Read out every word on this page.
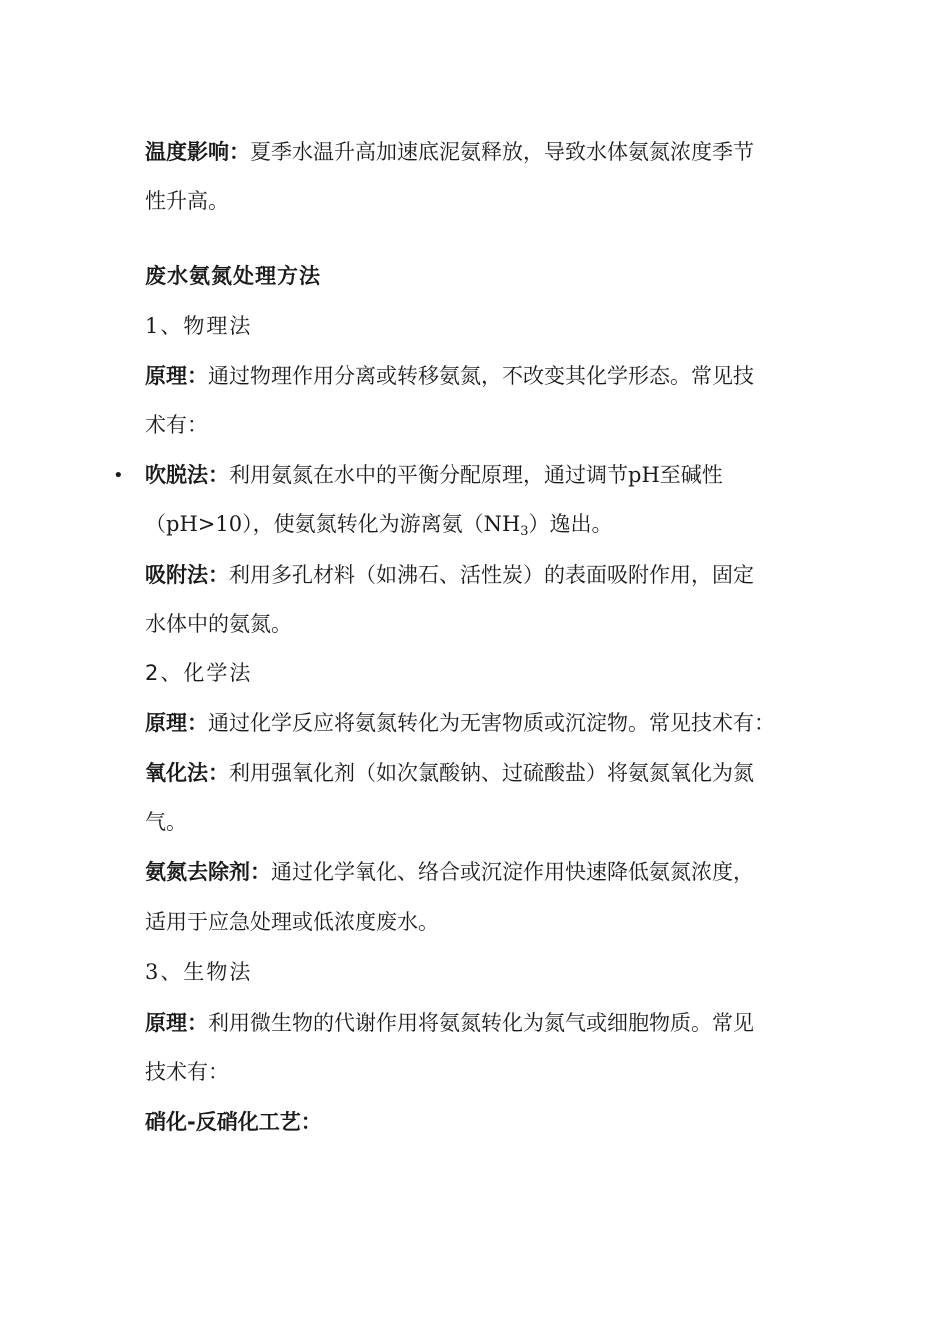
温度影响：夏季水温升高加速底泥氨释放，导致水体氨氮浓度季节
性升高。
废水氨氮处理方法
1、物理法
原理：通过物理作用分离或转移氨氮，不改变其化学形态。常见技
术有：
• 吹脱法：利用氨氮在水中的平衡分配原理，通过调节pH至碱性
（pH>10），使氨氮转化为游离氨$(NH_3)$逸出。
吸附法：利用多孔材料（如沸石、活性炭）的表面吸附作用，固定
水体中的氨氮。
2、化学法
原理：通过化学反应将氨氮转化为无害物质或沉淀物。常见技术有：
氧化法：利用强氧化剂（如次氯酸钠、过硫酸盐）将氨氮氧化为氮
气。
氨氮去除剂：通过化学氧化、络合或沉淀作用快速降低氨氮浓度，
适用于应急处理或低浓度废水。
3、生物法
原理：利用微生物的代谢作用将氨氮转化为氮气或细胞物质。常见
技术有：
硝化-反硝化工艺：
